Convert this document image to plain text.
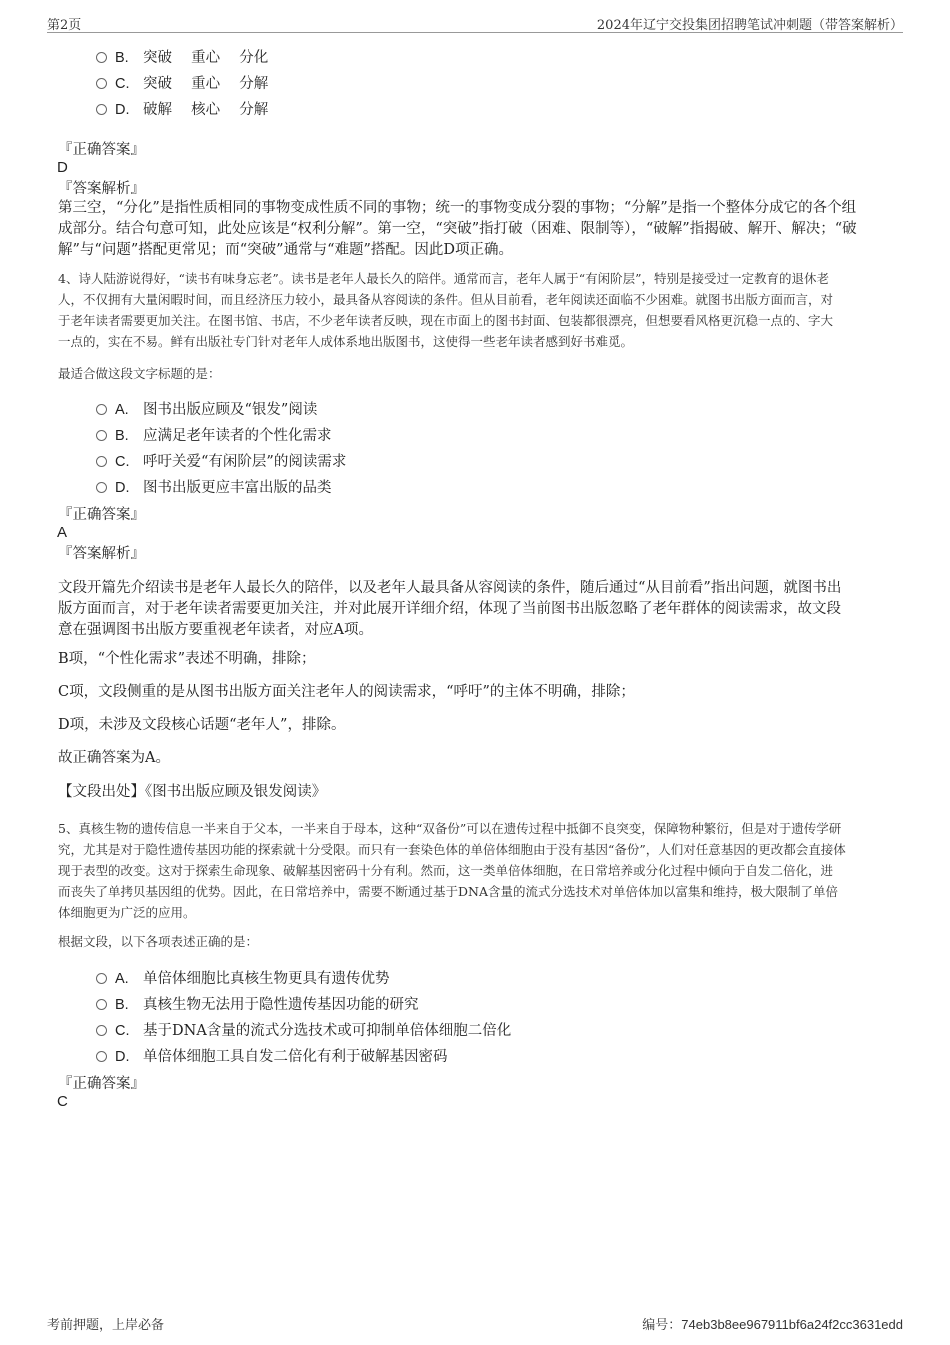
第2页	2024年辽宁交投集团招聘笔试冲刺题（带答案解析）
B. 突破　 重心　 分化
C. 突破　 重心　 分解
D. 破解　 核心　 分解
『正确答案』
D
『答案解析』
第三空，“分化”是指性质相同的事物变成性质不同的事物；统一的事物变成分裂的事物；“分解”是指一个整体分成它的各个组
成部分。结合句意可知，此处应该是“权利分解”。第一空，“突破”指打破（困难、限制等），“破解”指揭破、解开、解决；“破
解”与“问题”搭配更常见；而“突破”通常与“难题”搭配。因此D项正确。
4、诗人陆游说得好，“读书有味身忘老”。读书是老年人最长久的陪伴。通常而言，老年人属于“有闲阶层”，特别是接受过一定教育的退休老
人，不仅拥有大量闲暇时间，而且经济压力较小，最具备从容阅读的条件。但从目前看，老年阅读还面临不少困难。就图书出版方面而言，对
于老年读者需要更加关注。在图书馆、书店，不少老年读者反映，现在市面上的图书封面、包装都很漂亮，但想要看风格更沉稳一点的、字大
一点的，实在不易。鲜有出版社专门针对老年人成体系地出版图书，这使得一些老年读者感到好书难觅。
最适合做这段文字标题的是：
A. 图书出版应顾及“银发”阅读
B. 应满足老年读者的个性化需求
C. 呼吁关爱“有闲阶层”的阅读需求
D. 图书出版更应丰富出版的品类
『正确答案』
A
『答案解析』
文段开篇先介绍读书是老年人最长久的陪伴，以及老年人最具备从容阅读的条件，随后通过“从目前看”指出问题，就图书出
版方面而言，对于老年读者需要更加关注，并对此展开详细介绍，体现了当前图书出版忽略了老年群体的阅读需求，故文段
意在强调图书出版方要重视老年读者，对应A项。
B项，“个性化需求”表述不明确，排除；
C项，文段侧重的是从图书出版方面关注老年人的阅读需求，“呼吁”的主体不明确，排除；
D项，未涉及文段核心话题“老年人”，排除。
故正确答案为A。
【文段出处】《图书出版应顾及银发阅读》
5、真核生物的遗传信息一半来自于父本，一半来自于母本，这种“双备份”可以在遗传过程中抵御不良突变，保障物种繁衍，但是对于遗传学研
究，尤其是对于隐性遗传基因功能的探索就十分受限。而只有一套染色体的单倍体细胞由于没有基因“备份”，人们对任意基因的更改都会直接体
现于表型的改变。这对于探索生命现象、破解基因密码十分有利。然而，这一类单倍体细胞，在日常培养或分化过程中倾向于自发二倍化，进
而丧失了单拷贝基因组的优势。因此，在日常培养中，需要不断通过基于DNA含量的流式分选技术对单倍体加以富集和维持，极大限制了单倍
体细胞更为广泛的应用。
根据文段，以下各项表述正确的是：
A. 单倍体细胞比真核生物更具有遗传优势
B. 真核生物无法用于隐性遗传基因功能的研究
C. 基于DNA含量的流式分选技术或可抑制单倍体细胞二倍化
D. 单倍体细胞工具自发二倍化有利于破解基因密码
『正确答案』
C
考前押题，上岸必备	编号：74eb3b8ee967911bf6a24f2cc3631edd
